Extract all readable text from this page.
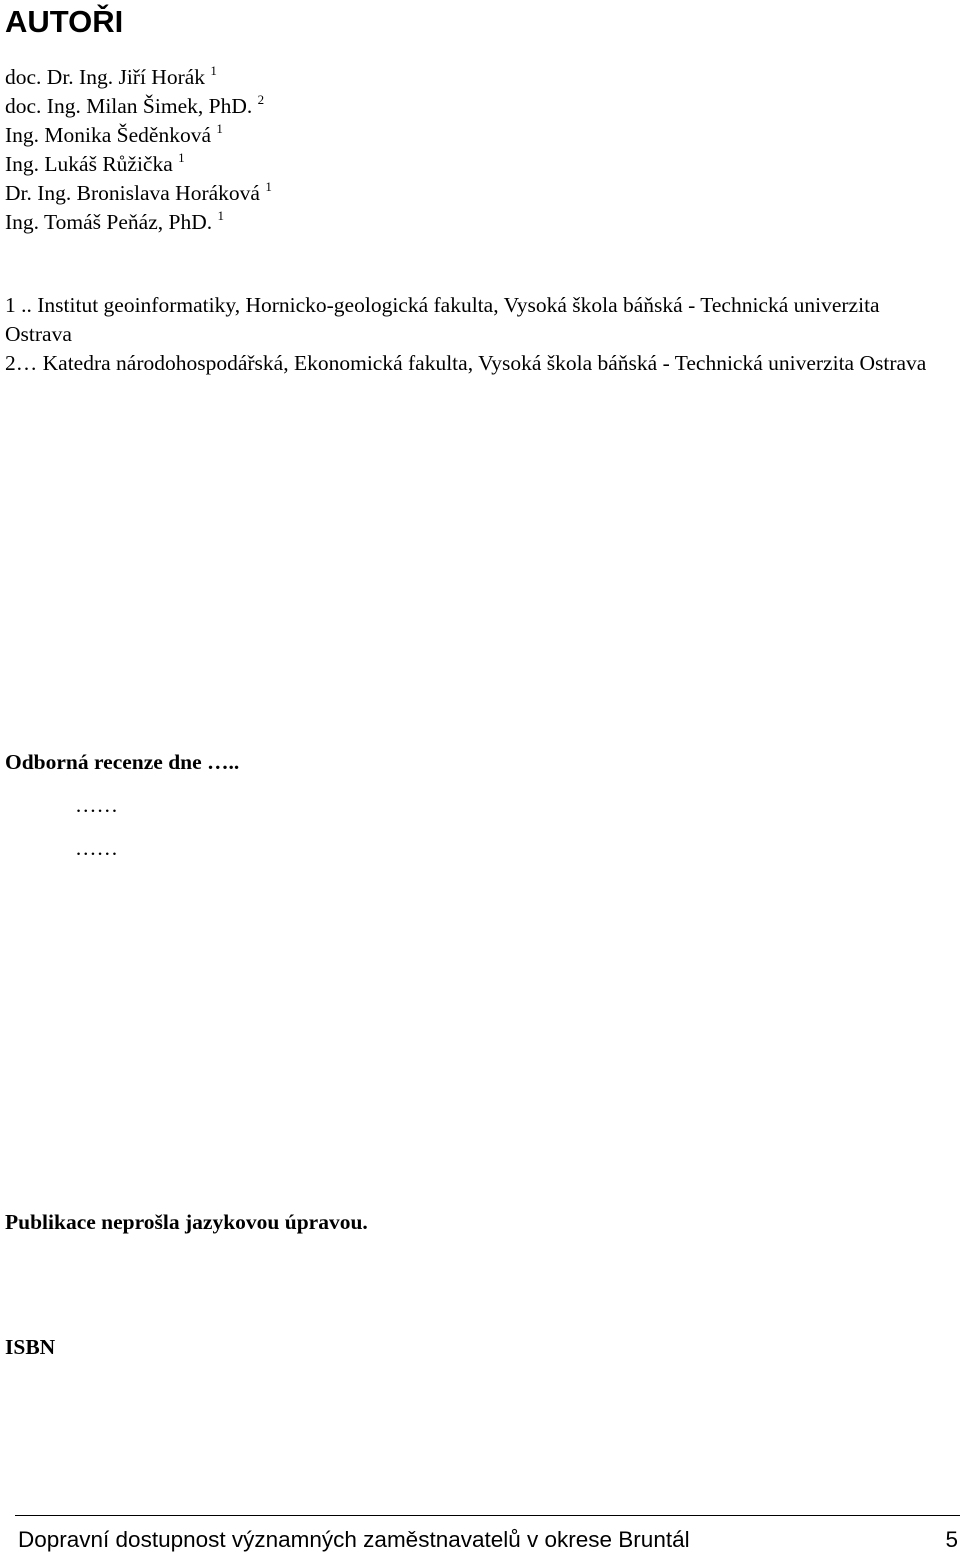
AUTOŘI
doc. Dr. Ing. Jiří Horák $^1$
doc. Ing. Milan Šimek, PhD. $^2$
Ing. Monika Šeděnková $^1$
Ing. Lukáš Růžička $^1$
Dr. Ing. Bronislava Horáková $^1$
Ing. Tomáš Peňáz, PhD. $^1$

1 .. Institut geoinformatiky, Hornicko-geologická fakulta, Vysoká škola báňská - Technická univerzita Ostrava

2… Katedra národohospodářská, Ekonomická fakulta, Vysoká škola báňská - Technická univerzita Ostrava

Odborná recenze dne …..

……

……

Publikace neprošla jazykovou úpravou.

ISBN

Dopravní dostupnost významných zaměstnavatelů v okrese Bruntál	5
